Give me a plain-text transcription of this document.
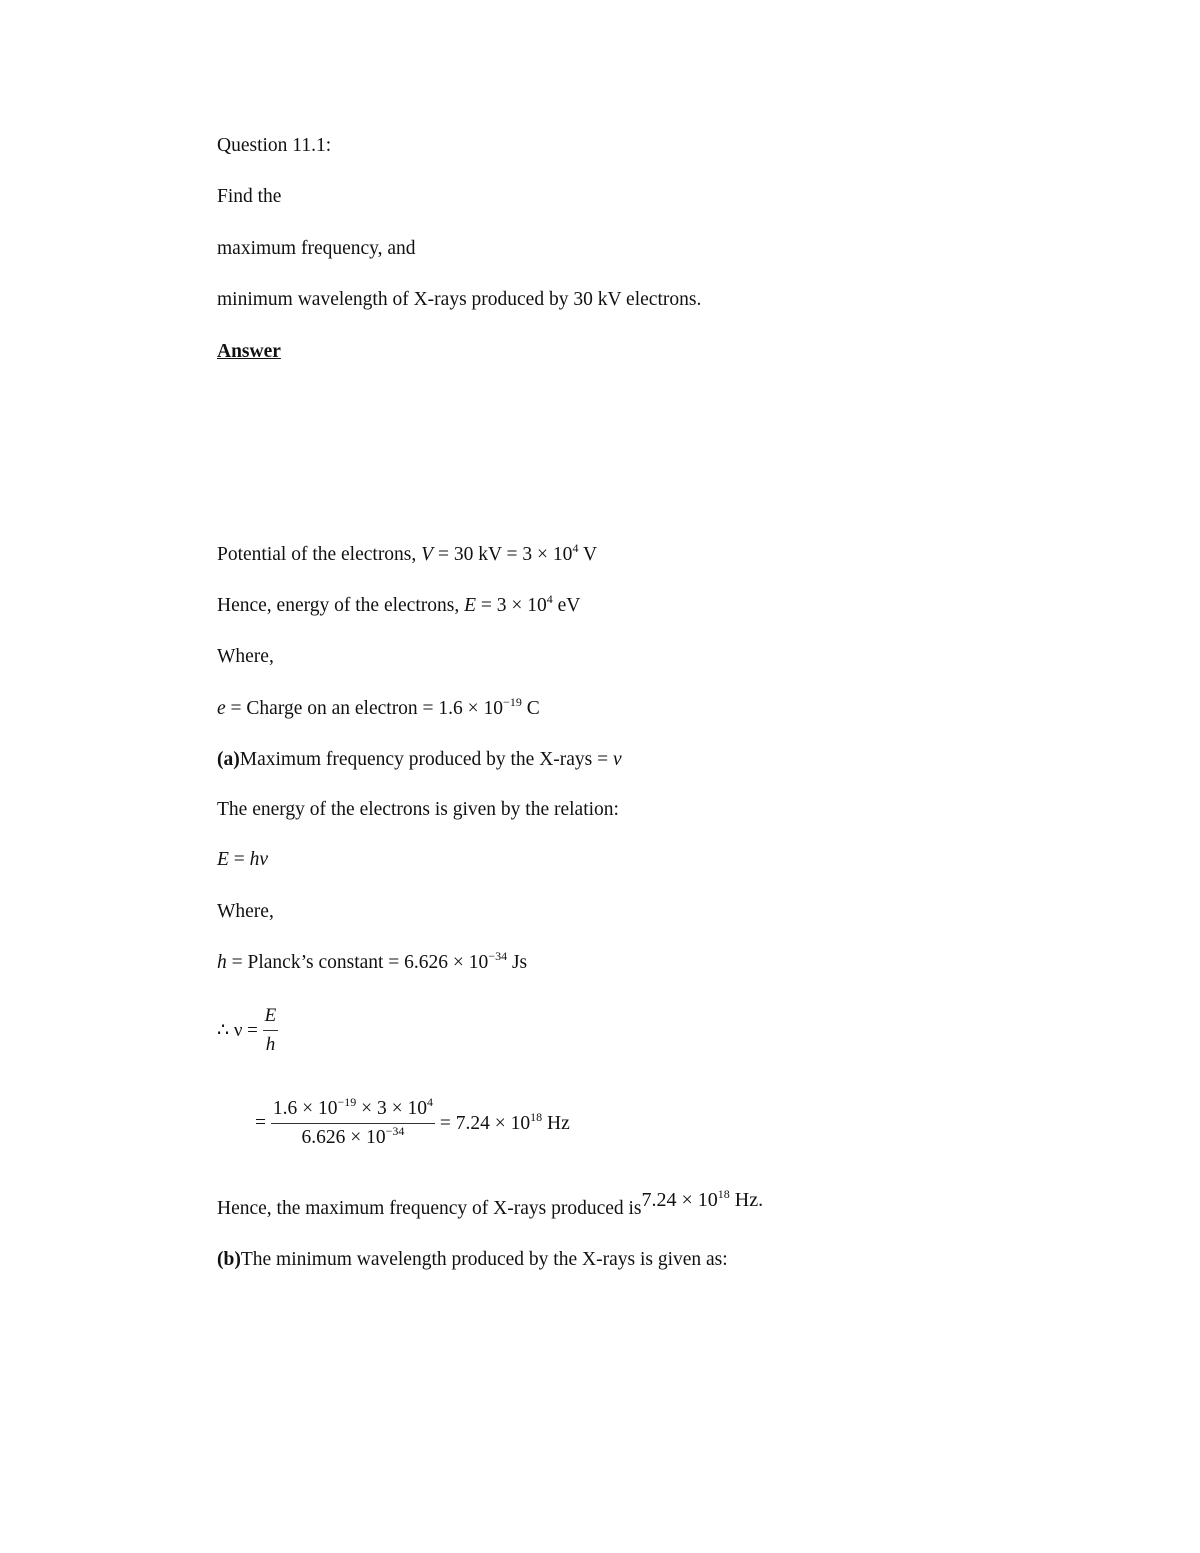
Question 11.1:
Find the
maximum frequency, and
minimum wavelength of X-rays produced by 30 kV electrons.
Answer
Potential of the electrons, V = 30 kV = $3 \times 10^4$ V
Hence, energy of the electrons, $E = 3 \times 10^4$ eV
Where,
e = Charge on an electron = $1.6 \times 10^{-19}$ C
(a)Maximum frequency produced by the X-rays = ν
The energy of the electrons is given by the relation:
E = hν
Where,
h = Planck’s constant = $6.626 \times 10^{-34}$ Js
∴ $\nu = \frac{E}{h}$
= $\frac{1.6 \times 10^{-19} \times 3 \times 10^4}{6.626 \times 10^{-34}} = 7.24 \times 10^{18}$ Hz
Hence, the maximum frequency of X-rays produced $is7.24 \times 10^{18}$ Hz.
(b)The minimum wavelength produced by the X-rays is given as:
